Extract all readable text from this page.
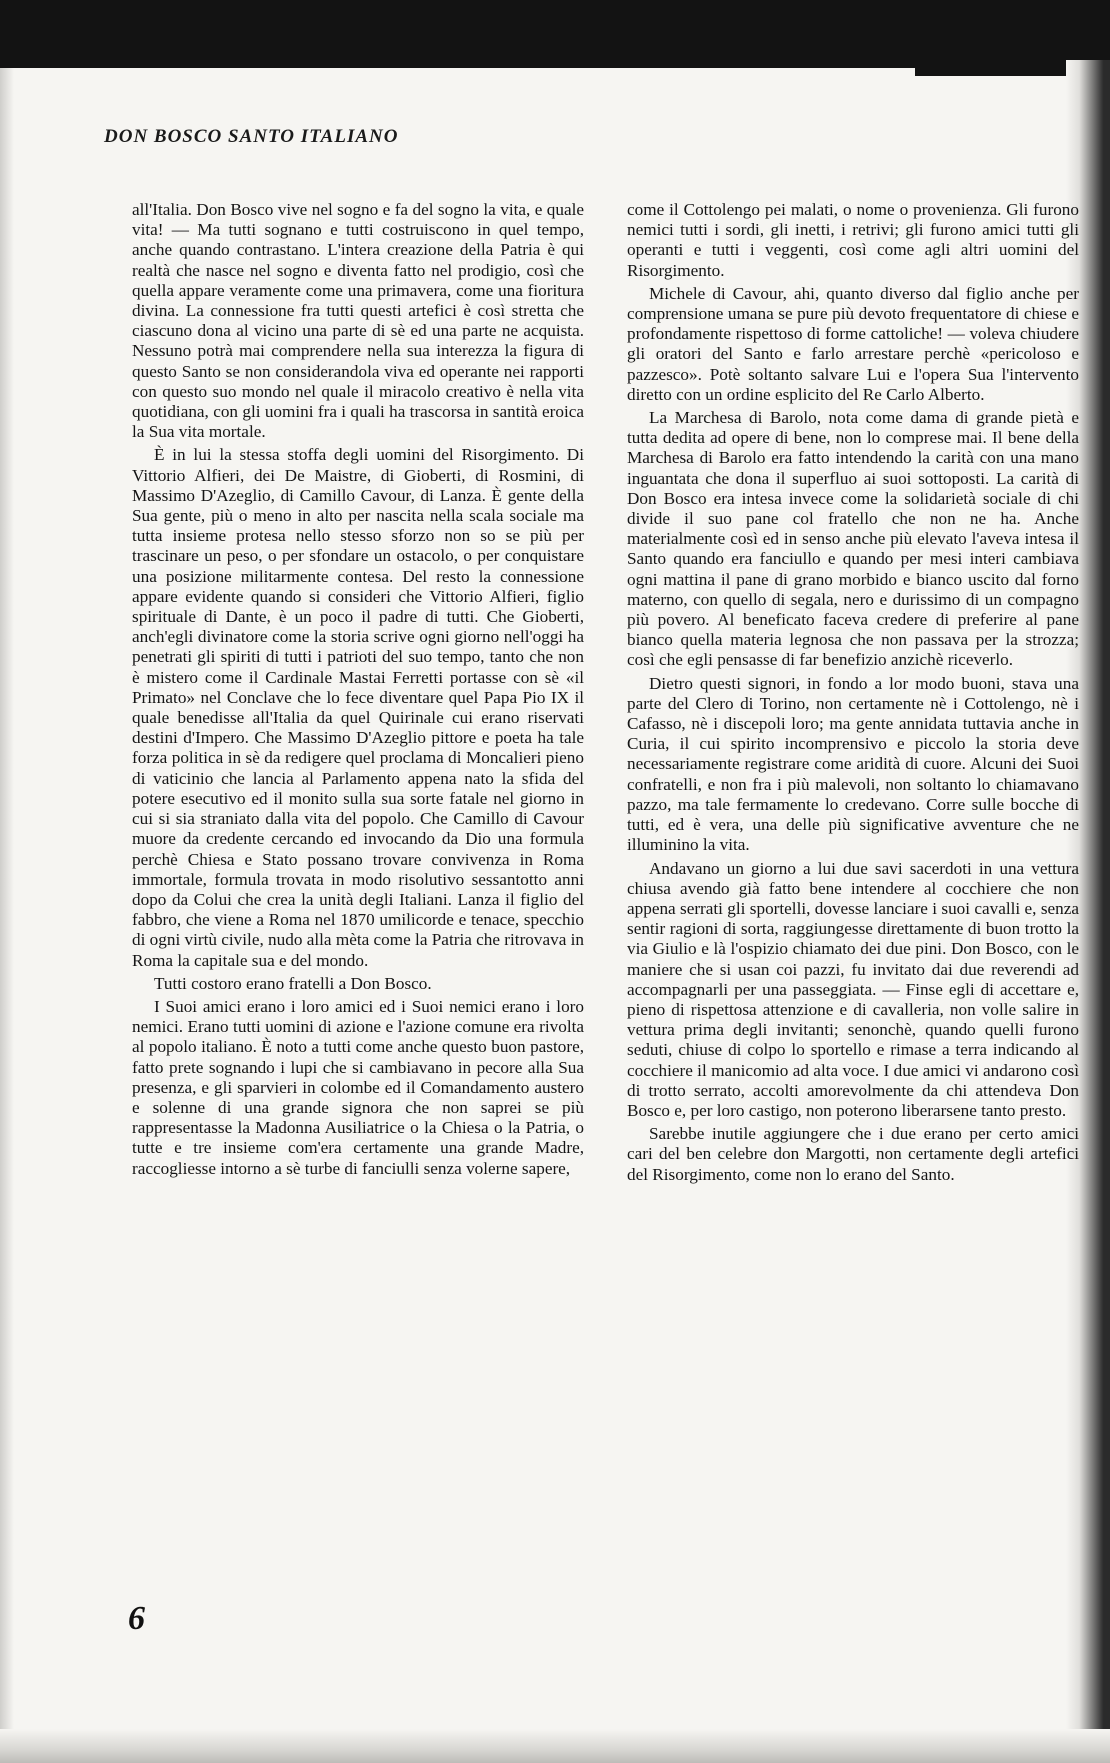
DON BOSCO SANTO ITALIANO

all'Italia. Don Bosco vive nel sogno e fa del sogno la vita, e quale vita! — Ma tutti sognano e tutti costruiscono in quel tempo, anche quando contrastano. L'intera creazione della Patria è qui realtà che nasce nel sogno e diventa fatto nel prodigio, così che quella appare veramente come una primavera, come una fioritura divina. La connessione fra tutti questi artefici è così stretta che ciascuno dona al vicino una parte di sè ed una parte ne acquista. Nessuno potrà mai comprendere nella sua interezza la figura di questo Santo se non considerandola viva ed operante nei rapporti con questo suo mondo nel quale il miracolo creativo è nella vita quotidiana, con gli uomini fra i quali ha trascorsa in santità eroica la Sua vita mortale.

È in lui la stessa stoffa degli uomini del Risorgimento. Di Vittorio Alfieri, dei De Maistre, di Gioberti, di Rosmini, di Massimo D'Azeglio, di Camillo Cavour, di Lanza. È gente della Sua gente, più o meno in alto per nascita nella scala sociale ma tutta insieme protesa nello stesso sforzo non so se più per trascinare un peso, o per sfondare un ostacolo, o per conquistare una posizione militarmente contesa. Del resto la connessione appare evidente quando si consideri che Vittorio Alfieri, figlio spirituale di Dante, è un poco il padre di tutti. Che Gioberti, anch'egli divinatore come la storia scrive ogni giorno nell'oggi ha penetrati gli spiriti di tutti i patrioti del suo tempo, tanto che non è mistero come il Cardinale Mastai Ferretti portasse con sè «il Primato» nel Conclave che lo fece diventare quel Papa Pio IX il quale benedisse all'Italia da quel Quirinale cui erano riservati destini d'Impero. Che Massimo D'Azeglio pittore e poeta ha tale forza politica in sè da redigere quel proclama di Moncalieri pieno di vaticinio che lancia al Parlamento appena nato la sfida del potere esecutivo ed il monito sulla sua sorte fatale nel giorno in cui si sia straniato dalla vita del popolo. Che Camillo di Cavour muore da credente cercando ed invocando da Dio una formula perchè Chiesa e Stato possano trovare convivenza in Roma immortale, formula trovata in modo risolutivo sessantotto anni dopo da Colui che crea la unità degli Italiani. Lanza il figlio del fabbro, che viene a Roma nel 1870 umilicorde e tenace, specchio di ogni virtù civile, nudo alla mèta come la Patria che ritrovava in Roma la capitale sua e del mondo.

Tutti costoro erano fratelli a Don Bosco.

I Suoi amici erano i loro amici ed i Suoi nemici erano i loro nemici. Erano tutti uomini di azione e l'azione comune era rivolta al popolo italiano. È noto a tutti come anche questo buon pastore, fatto prete sognando i lupi che si cambiavano in pecore alla Sua presenza, e gli sparvieri in colombe ed il Comandamento austero e solenne di una grande signora che non saprei se più rappresentasse la Madonna Ausiliatrice o la Chiesa o la Patria, o tutte e tre insieme com'era certamente una grande Madre, raccogliesse intorno a sè turbe di fanciulli senza volerne sapere,

come il Cottolengo pei malati, o nome o provenienza. Gli furono nemici tutti i sordi, gli inetti, i retrivi; gli furono amici tutti gli operanti e tutti i veggenti, così come agli altri uomini del Risorgimento.

Michele di Cavour, ahi, quanto diverso dal figlio anche per comprensione umana se pure più devoto frequentatore di chiese e profondamente rispettoso di forme cattoliche! — voleva chiudere gli oratori del Santo e farlo arrestare perchè «pericoloso e pazzesco». Potè soltanto salvare Lui e l'opera Sua l'intervento diretto con un ordine esplicito del Re Carlo Alberto.

La Marchesa di Barolo, nota come dama di grande pietà e tutta dedita ad opere di bene, non lo comprese mai. Il bene della Marchesa di Barolo era fatto intendendo la carità con una mano inguantata che dona il superfluo ai suoi sottoposti. La carità di Don Bosco era intesa invece come la solidarietà sociale di chi divide il suo pane col fratello che non ne ha. Anche materialmente così ed in senso anche più elevato l'aveva intesa il Santo quando era fanciullo e quando per mesi interi cambiava ogni mattina il pane di grano morbido e bianco uscito dal forno materno, con quello di segala, nero e durissimo di un compagno più povero. Al beneficato faceva credere di preferire al pane bianco quella materia legnosa che non passava per la strozza; così che egli pensasse di far benefizio anzichè riceverlo.

Dietro questi signori, in fondo a lor modo buoni, stava una parte del Clero di Torino, non certamente nè i Cottolengo, nè i Cafasso, nè i discepoli loro; ma gente annidata tuttavia anche in Curia, il cui spirito incomprensivo e piccolo la storia deve necessariamente registrare come aridità di cuore. Alcuni dei Suoi confratelli, e non fra i più malevoli, non soltanto lo chiamavano pazzo, ma tale fermamente lo credevano. Corre sulle bocche di tutti, ed è vera, una delle più significative avventure che ne illuminino la vita.

Andavano un giorno a lui due savi sacerdoti in una vettura chiusa avendo già fatto bene intendere al cocchiere che non appena serrati gli sportelli, dovesse lanciare i suoi cavalli e, senza sentir ragioni di sorta, raggiungesse direttamente di buon trotto la via Giulio e là l'ospizio chiamato dei due pini. Don Bosco, con le maniere che si usan coi pazzi, fu invitato dai due reverendi ad accompagnarli per una passeggiata. — Finse egli di accettare e, pieno di rispettosa attenzione e di cavalleria, non volle salire in vettura prima degli invitanti; senonchè, quando quelli furono seduti, chiuse di colpo lo sportello e rimase a terra indicando al cocchiere il manicomio ad alta voce. I due amici vi andarono così di trotto serrato, accolti amorevolmente da chi attendeva Don Bosco e, per loro castigo, non poterono liberarsene tanto presto.

Sarebbe inutile aggiungere che i due erano per certo amici cari del ben celebre don Margotti, non certamente degli artefici del Risorgimento, come non lo erano del Santo.

6
